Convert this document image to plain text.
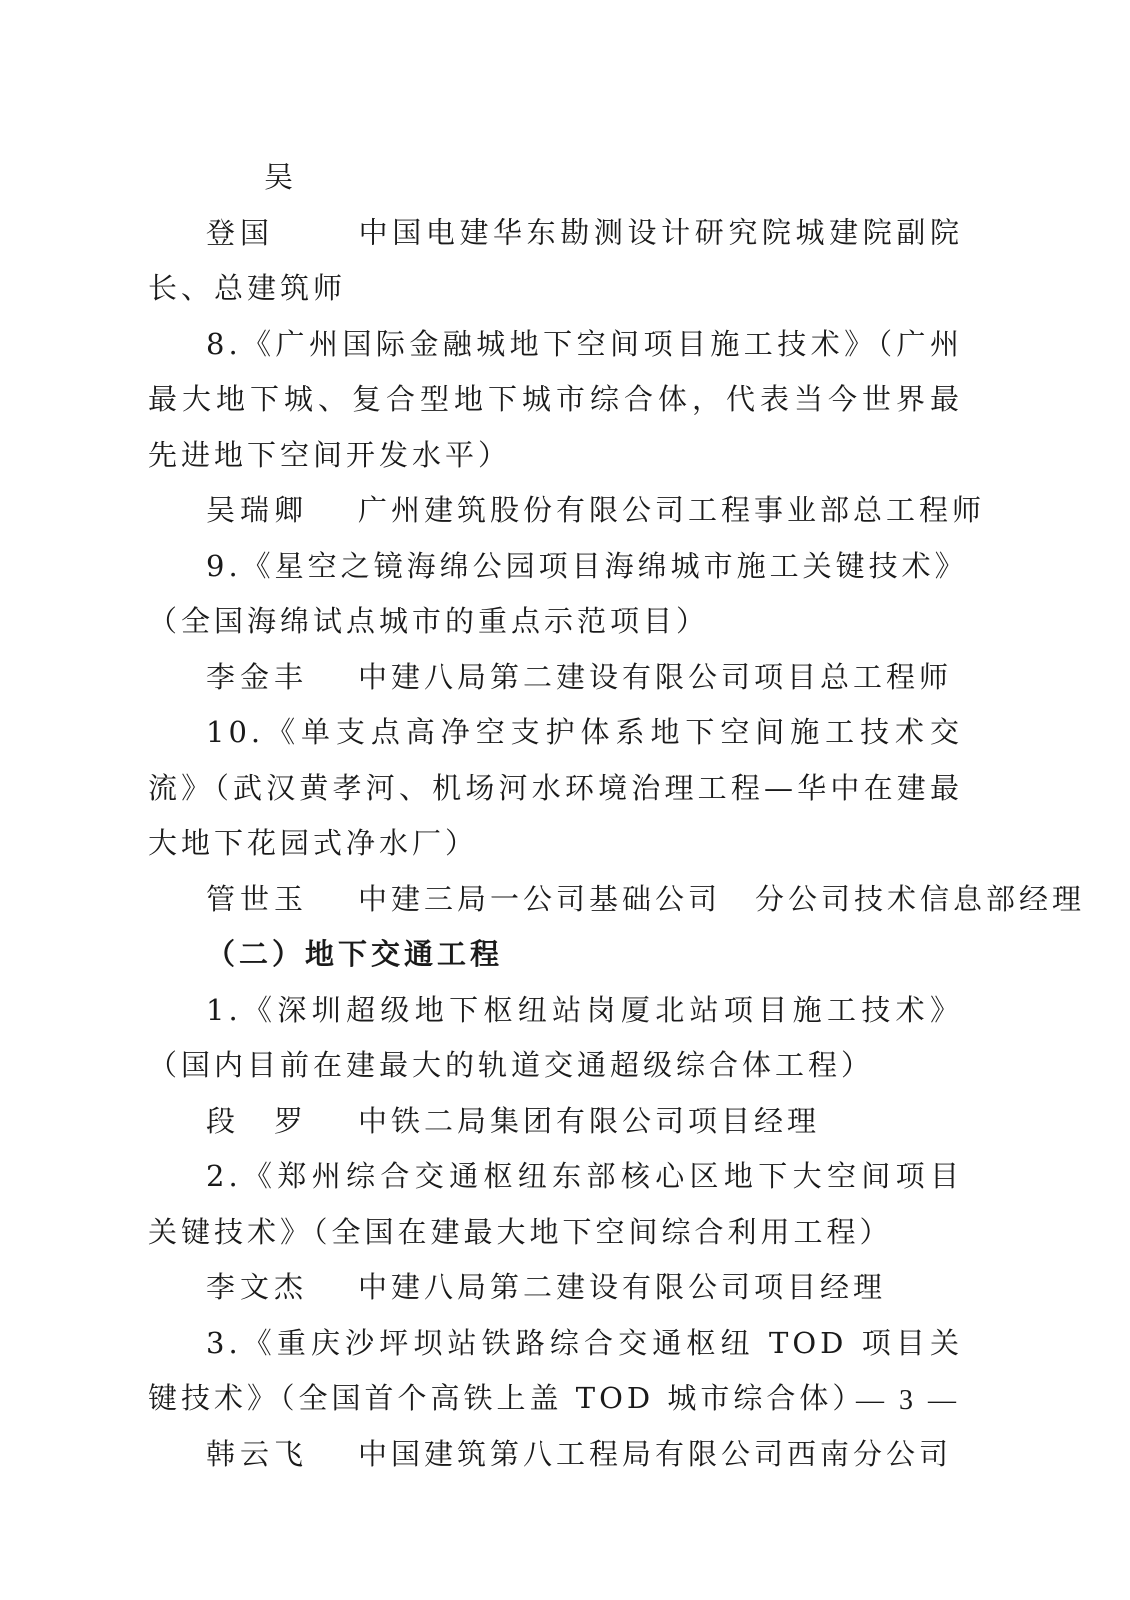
吴登国	中国电建华东勘测设计研究院城建院副院长、总建筑师

8.《广州国际金融城地下空间项目施工技术》（广州最大地下城、复合型地下城市综合体，代表当今世界最先进地下空间开发水平）

吴瑞卿 广州建筑股份有限公司工程事业部总工程师

9.《星空之镜海绵公园项目海绵城市施工关键技术》（全国海绵试点城市的重点示范项目）

李金丰 中建八局第二建设有限公司项目总工程师

10.《单支点高净空支护体系地下空间施工技术交流》（武汉黄孝河、机场河水环境治理工程—华中在建最大地下花园式净水厂）

管世玉 中建三局一公司基础公司 分公司技术信息部经理

（二）地下交通工程

1.《深圳超级地下枢纽站岗厦北站项目施工技术》（国内目前在建最大的轨道交通超级综合体工程）

段　罗 中铁二局集团有限公司项目经理

2.《郑州综合交通枢纽东部核心区地下大空间项目关键技术》（全国在建最大地下空间综合利用工程）

李文杰 中建八局第二建设有限公司项目经理

3.《重庆沙坪坝站铁路综合交通枢纽 TOD 项目关键技术》（全国首个高铁上盖 TOD 城市综合体）

韩云飞 中国建筑第八工程局有限公司西南分公司

— 3 —
